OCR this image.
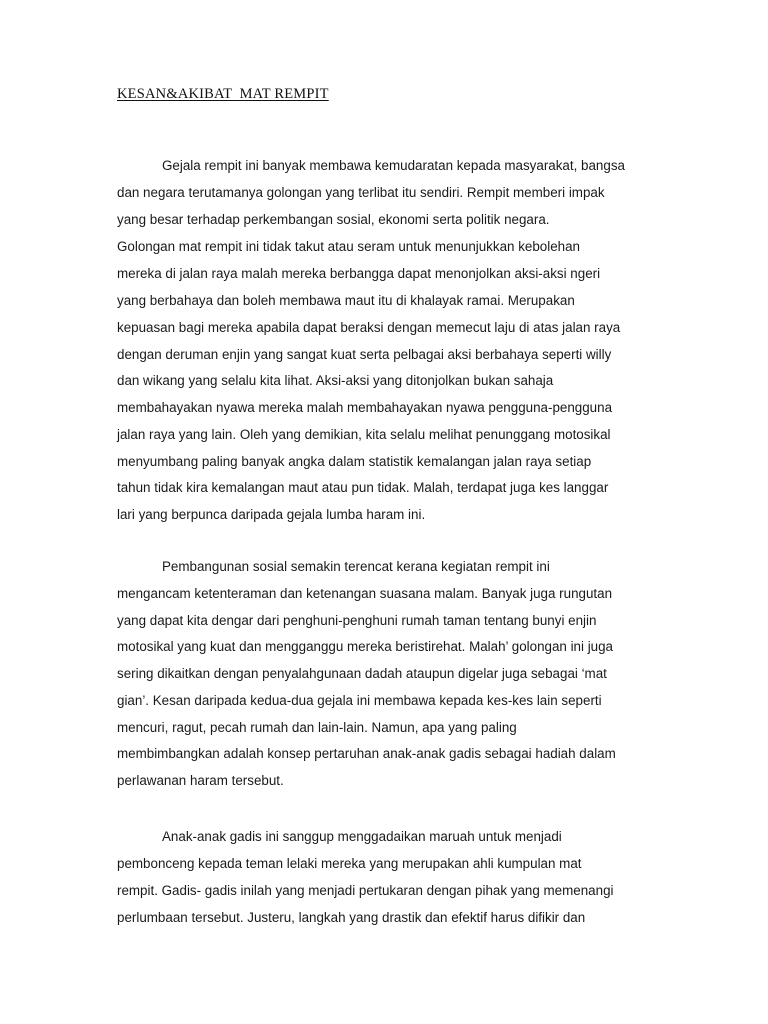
KESAN&AKIBAT  MAT REMPIT
Gejala rempit ini banyak membawa kemudaratan kepada masyarakat, bangsa
dan negara terutamanya golongan yang terlibat itu sendiri. Rempit memberi impak
yang besar terhadap perkembangan sosial, ekonomi serta politik negara.
Golongan mat rempit ini tidak takut atau seram untuk menunjukkan kebolehan
mereka di jalan raya malah mereka berbangga dapat menonjolkan aksi-aksi ngeri
yang berbahaya dan boleh membawa maut itu di khalayak ramai. Merupakan
kepuasan bagi mereka apabila dapat beraksi dengan memecut laju di atas jalan raya
dengan deruman enjin yang sangat kuat serta pelbagai aksi berbahaya seperti willy
dan wikang yang selalu kita lihat. Aksi-aksi yang ditonjolkan bukan sahaja
membahayakan nyawa mereka malah membahayakan nyawa pengguna-pengguna
jalan raya yang lain. Oleh yang demikian, kita selalu melihat penunggang motosikal
menyumbang paling banyak angka dalam statistik kemalangan jalan raya setiap
tahun tidak kira kemalangan maut atau pun tidak. Malah, terdapat juga kes langgar
lari yang berpunca daripada gejala lumba haram ini.
Pembangunan sosial semakin terencat kerana kegiatan rempit ini
mengancam ketenteraman dan ketenangan suasana malam. Banyak juga rungutan
yang dapat kita dengar dari penghuni-penghuni rumah taman tentang bunyi enjin
motosikal yang kuat dan mengganggu mereka beristirehat. Malah’ golongan ini juga
sering dikaitkan dengan penyalahgunaan dadah ataupun digelar juga sebagai ‘mat
gian’. Kesan daripada kedua-dua gejala ini membawa kepada kes-kes lain seperti
mencuri, ragut, pecah rumah dan lain-lain. Namun, apa yang paling
membimbangkan adalah konsep pertaruhan anak-anak gadis sebagai hadiah dalam
perlawanan haram tersebut.
Anak-anak gadis ini sanggup menggadaikan maruah untuk menjadi
pembonceng kepada teman lelaki mereka yang merupakan ahli kumpulan mat
rempit. Gadis- gadis inilah yang menjadi pertukaran dengan pihak yang memenangi
perlumbaan tersebut. Justeru, langkah yang drastik dan efektif harus difikir dan
